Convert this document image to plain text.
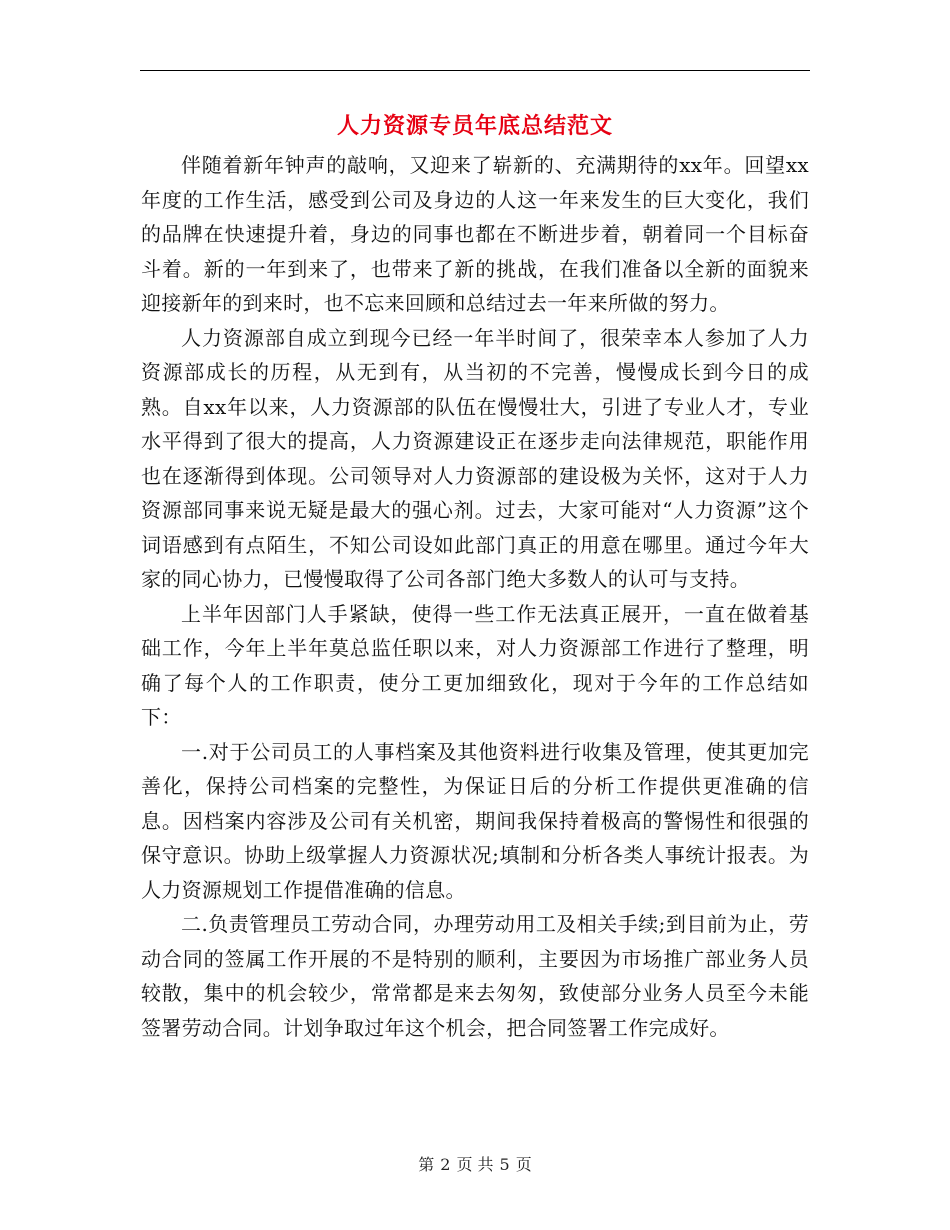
人力资源专员年底总结范文

伴随着新年钟声的敲响，又迎来了崭新的、充满期待的xx年。回望xx年度的工作生活，感受到公司及身边的人这一年来发生的巨大变化，我们的品牌在快速提升着，身边的同事也都在不断进步着，朝着同一个目标奋斗着。新的一年到来了，也带来了新的挑战，在我们准备以全新的面貌来迎接新年的到来时，也不忘来回顾和总结过去一年来所做的努力。

人力资源部自成立到现今已经一年半时间了，很荣幸本人参加了人力资源部成长的历程，从无到有，从当初的不完善，慢慢成长到今日的成熟。自xx年以来，人力资源部的队伍在慢慢壮大，引进了专业人才，专业水平得到了很大的提高，人力资源建设正在逐步走向法律规范，职能作用也在逐渐得到体现。公司领导对人力资源部的建设极为关怀，这对于人力资源部同事来说无疑是最大的强心剂。过去，大家可能对“人力资源”这个词语感到有点陌生，不知公司设如此部门真正的用意在哪里。通过今年大家的同心协力，已慢慢取得了公司各部门绝大多数人的认可与支持。

上半年因部门人手紧缺，使得一些工作无法真正展开，一直在做着基础工作，今年上半年莫总监任职以来，对人力资源部工作进行了整理，明确了每个人的工作职责，使分工更加细致化，现对于今年的工作总结如下：

一.对于公司员工的人事档案及其他资料进行收集及管理，使其更加完善化，保持公司档案的完整性，为保证日后的分析工作提供更准确的信息。因档案内容涉及公司有关机密，期间我保持着极高的警惕性和很强的保守意识。协助上级掌握人力资源状况;填制和分析各类人事统计报表。为人力资源规划工作提借准确的信息。

二.负责管理员工劳动合同，办理劳动用工及相关手续;到目前为止，劳动合同的签属工作开展的不是特别的顺利，主要因为市场推广部业务人员较散，集中的机会较少，常常都是来去匆匆，致使部分业务人员至今未能签署劳动合同。计划争取过年这个机会，把合同签署工作完成好。

第 2 页 共 5 页
